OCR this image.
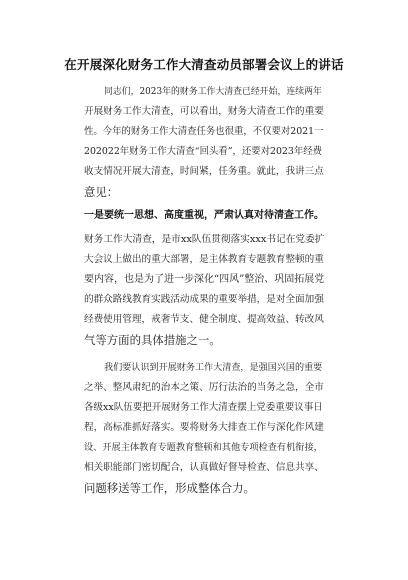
在开展深化财务工作大清查动员部署会议上的讲话
同志们，2023年的财务工作大清查已经开始，连续两年
开展财务工作大清查，可以看出，财务大清查工作的重要
性。今年的财务工作大清查任务也很重，不仅要对2021一
202022年财务工作大清查“回头看”，还要对2023年经费
收支情况开展大清查，时间紧，任务重。就此，我讲三点
意见：
一是要统一思想、高度重视，严肃认真对待清查工作。
财务工作大清查，是市xx队伍贯彻落实xxx书记在党委扩
大会议上做出的重大部署，是主体教育专题教育整顿的重
要内容，也是为了进一步深化“四风”整治、巩固拓展党
的群众路线教育实践活动成果的重要举措，是对全面加强
经费使用管理，戒奢节支、健全制度、提高效益、转改风
气等方面的具体措施之一。
我们要认识到开展财务工作大清查，是强国兴国的重要
之举、整风肃纪的治本之策、厉行法治的当务之急，全市
各级xx队伍要把开展财务工作大清查摆上党委重要议事日
程，高标准抓好落实。要将财务大排查工作与深化作风建
设、开展主体教育专题教育整顿和其他专项检查有机衔接，
相关职能部门密切配合，认真做好督导检查、信息共享、
问题移送等工作，形成整体合力。
